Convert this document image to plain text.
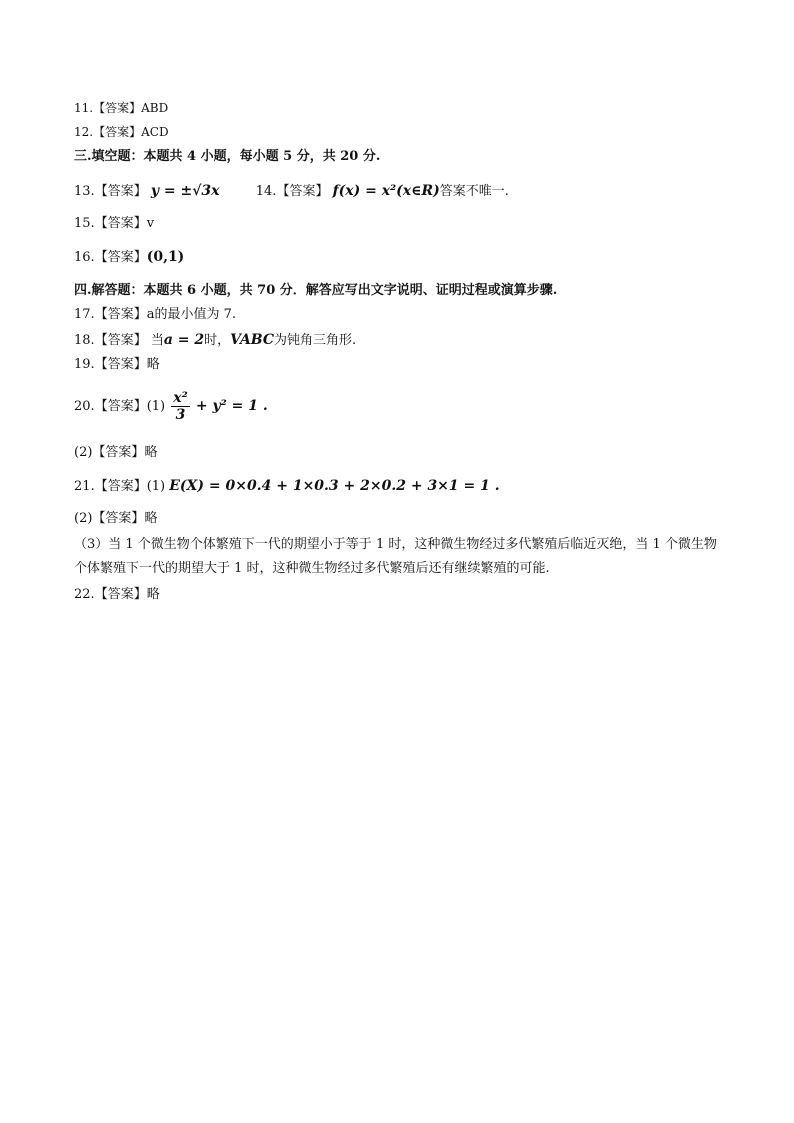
11.【答案】ABD
12.【答案】ACD
三.填空题：本题共 4 小题，每小题 5 分，共 20 分.
13.【答案】 y = ±√3x	14.【答案】 f(x) = x²(x∈R)答案不唯一.
15.【答案】v
16.【答案】(0,1)
四.解答题：本题共 6 小题，共 70 分．解答应写出文字说明、证明过程或演算步骤.
17.【答案】a的最小值为 7.
18.【答案】 当a = 2时，VABC为钝角三角形.
19.【答案】略
20.【答案】$(1) \frac{\text{x²}}{3} + y^2 = 1$ .
(2)【答案】略
21.【答案】(1) E(X) = 0×0.4 + 1×0.3 + 2×0.2 + 3×1 = 1 .
(2)【答案】略
（3）当 1 个微生物个体繁殖下一代的期望小于等于 1 时，这种微生物经过多代繁殖后临近灭绝，当 1 个微生物个体繁殖下一代的期望大于 1 时，这种微生物经过多代繁殖后还有继续繁殖的可能.
22.【答案】略
